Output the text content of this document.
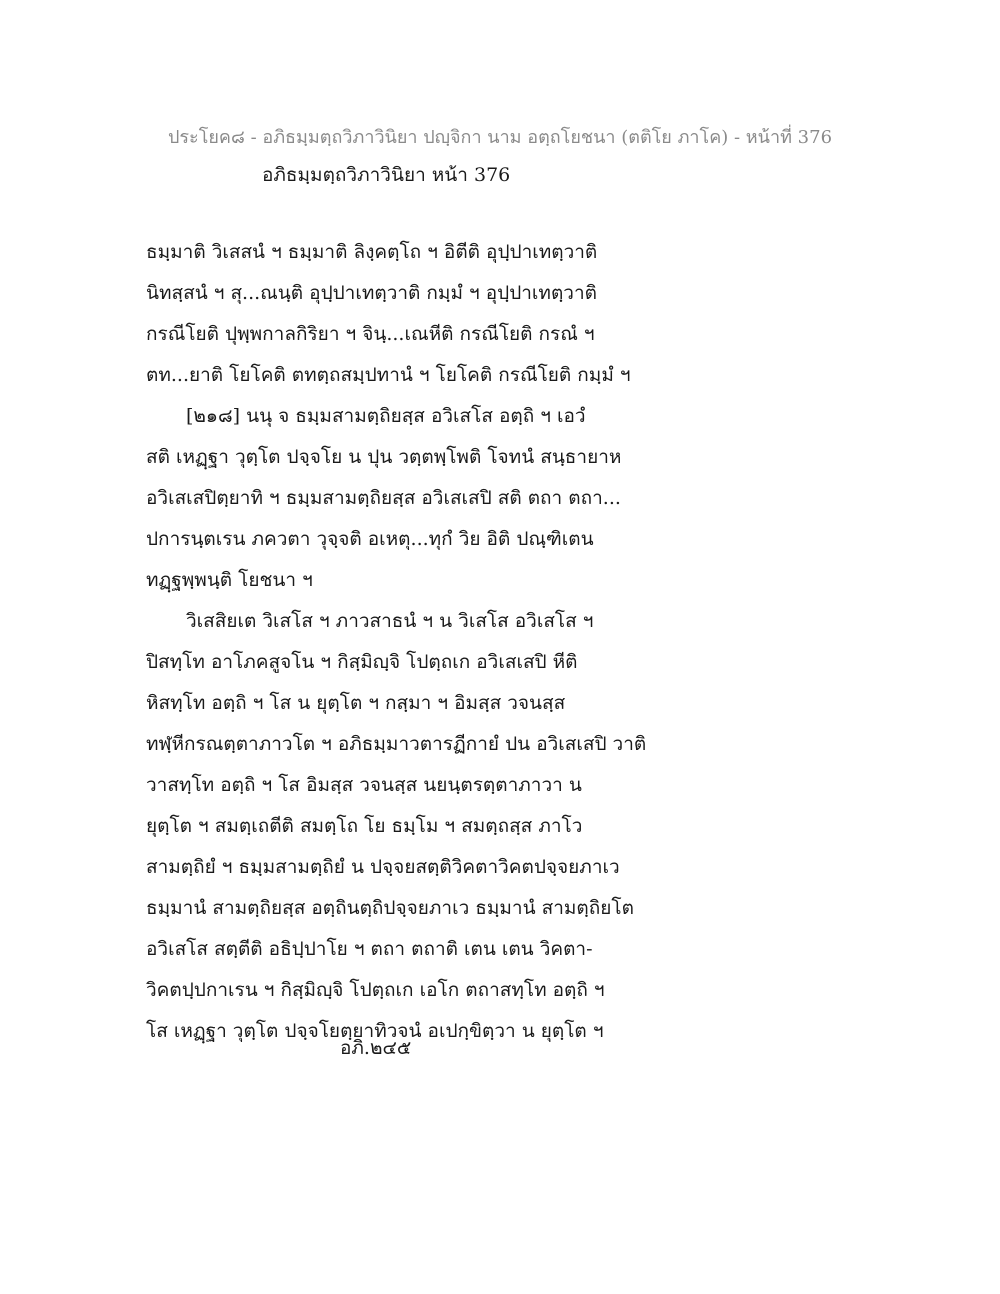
ประโยค๘ - อภิธมฺมตฺถวิภาวินิยา ปญฺจิกา นาม อตฺถโยชนา (ตติโย ภาโค) - หน้าที่ 376
อภิธมฺมตฺถวิภาวินิยา หน้า 376
ธมฺมาติ วิเสสนํ ฯ ธมฺมาติ ลิงฺคตฺโถ ฯ อิตีติ อุปฺปาเทตฺวาติ
นิทสฺสนํ ฯ สุ...ณนฺติ อุปฺปาเทตฺวาติ กมฺมํ ฯ อุปฺปาเทตฺวาติ
กรณีโยติ ปุพฺพกาลกิริยา ฯ จินฺ...เณหีติ กรณีโยติ กรณํ ฯ
ตท...ยาติ โยโคติ ตทตฺถสมฺปทานํ ฯ โยโคติ กรณีโยติ กมฺมํ ฯ
[๒๑๘] นนุ จ ธมฺมสามตฺถิยสฺส อวิเสโส อตฺถิ ฯ เอวํ
สติ เหฏฺฐา วุตฺโต ปจฺจโย น ปุน วตฺตพฺโพติ โจทนํ สนฺธายาห
อวิเสเสปิตฺยาทิ ฯ ธมฺมสามตฺถิยสฺส อวิเสเสปิ สติ ตถา ตถา...
ปการนฺตเรน ภควตา วุจฺจติ อเหตุ...ทุกํ วิย อิติ ปณฺฑิเตน
ทฏฺฐพฺพนฺติ โยชนา ฯ
วิเสสิยเต วิเสโส ฯ ภาวสาธนํ ฯ น วิเสโส อวิเสโส ฯ
ปิสทฺโท อาโภคสูจโน ฯ กิสฺมิญฺจิ โปตฺถเก อวิเสเสปิ หีติ
หิสทฺโท อตฺถิ ฯ โส น ยุตฺโต ฯ กสฺมา ฯ อิมสฺส วจนสฺส
ทฬฺหีกรณตฺตาภาวโต ฯ อภิธมฺมาวตารฏีกายํ ปน อวิเสเสปิ วาติ
วาสทฺโท อตฺถิ ฯ โส อิมสฺส วจนสฺส นยนฺตรตฺตาภาวา น
ยุตฺโต ฯ สมตฺเถตีติ สมตฺโถ โย ธมฺโม ฯ สมตฺถสฺส ภาโว
สามตฺถิยํ ฯ ธมฺมสามตฺถิยํ น ปจฺจยสตฺติวิคตาวิคตปจฺจยภาเว
ธมฺมานํ สามตฺถิยสฺส อตฺถินตฺถิปจฺจยภาเว ธมฺมานํ สามตฺถิยโต
อวิเสโส สตฺตีติ อธิปฺปาโย ฯ ตถา ตถาติ เตน เตน วิคตา-
วิคตปฺปกาเรน ฯ กิสฺมิญฺจิ โปตฺถเก เอโก ตถาสทฺโท อตฺถิ ฯ
โส เหฏฺฐา วุตฺโต ปจฺจโยตฺยาทิวจนํ อเปกฺขิตฺวา น ยุตฺโต ฯ
อภิ.๒๔๕
